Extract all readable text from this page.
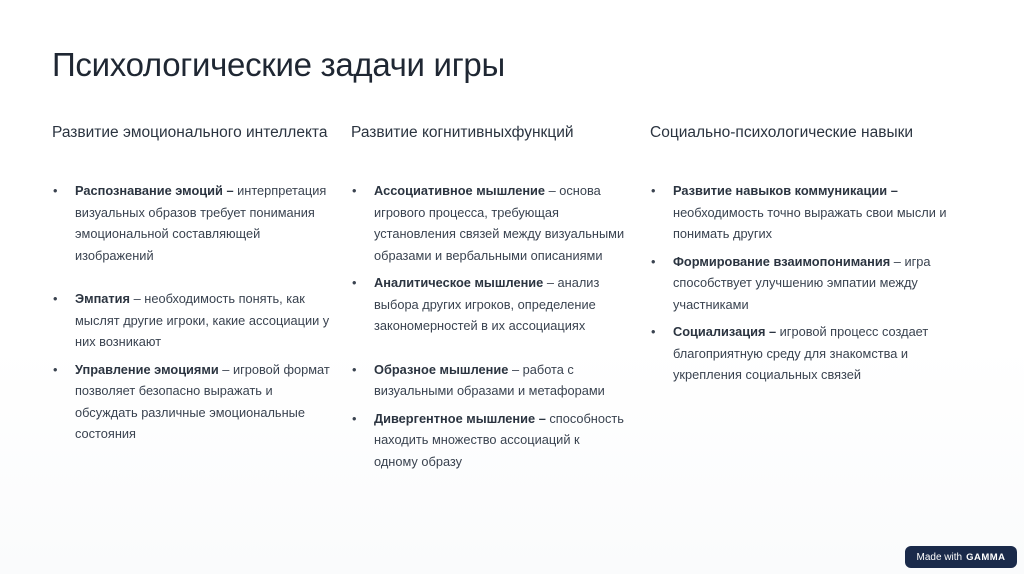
Психологические задачи игры
Развитие эмоционального интеллекта
• Распознавание эмоций – интерпретация визуальных образов требует понимания эмоциональной составляющей изображений
• Эмпатия – необходимость понять, как мыслят другие игроки, какие ассоциации у них возникают
• Управление эмоциями – игровой формат позволяет безопасно выражать и обсуждать различные эмоциональные состояния
Развитие когнитивныхфункций
• Ассоциативное мышление – основа игрового процесса, требующая установления связей между визуальными образами и вербальными описаниями
• Аналитическое мышление – анализ выбора других игроков, определение закономерностей в их ассоциациях
• Образное мышление – работа с визуальными образами и метафорами
• Дивергентное мышление – способность находить множество ассоциаций к одному образу
Социально-психологические навыки
• Развитие навыков коммуникации – необходимость точно выражать свои мысли и понимать других
• Формирование взаимопонимания – игра способствует улучшению эмпатии между участниками
• Социализация – игровой процесс создает благоприятную среду для знакомства и укрепления социальных связей
Made with GAMMA
